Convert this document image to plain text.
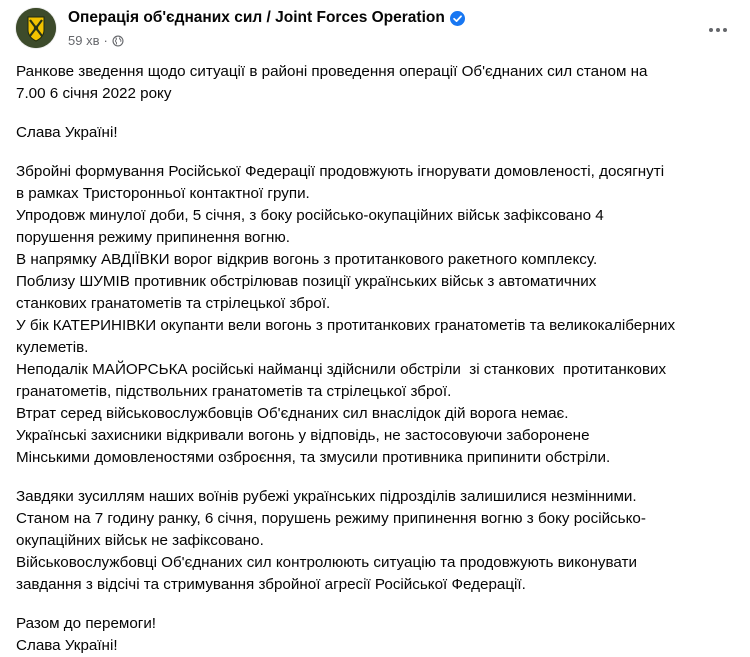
Операція об'єднаних сил / Joint Forces Operation
59 хв ·

Ранкове зведення щодо ситуації в районі проведення операції Об'єднаних сил станом на
7.00 6 січня 2022 року

Слава Україні!

Збройні формування Російської Федерації продовжують ігнорувати домовленості, досягнуті
в рамках Тристоронньої контактної групи.
Упродовж минулої доби, 5 січня, з боку російсько-окупаційних військ зафіксовано 4
порушення режиму припинення вогню.
В напрямку АВДІЇВКИ ворог відкрив вогонь з протитанкового ракетного комплексу.
Поблизу ШУМІВ противник обстрілював позиції українських військ з автоматичних
станкових гранатометів та стрілецької зброї.
У бік КАТЕРИНІВКИ окупанти вели вогонь з протитанкових гранатометів та великокаліберних
кулеметів.
Неподалік МАЙОРСЬКА російські найманці здійснили обстріли  зі станкових  протитанкових
гранатометів, підствольних гранатометів та стрілецької зброї.
Втрат серед військовослужбовців Об'єднаних сил внаслідок дій ворога немає.
Українські захисники відкривали вогонь у відповідь, не застосовуючи заборонене
Мінськими домовленостями озброєння, та змусили противника припинити обстріли.

Завдяки зусиллям наших воїнів рубежі українських підрозділів залишилися незмінними.
Станом на 7 годину ранку, 6 січня, порушень режиму припинення вогню з боку російсько-
окупаційних військ не зафіксовано.
Військовослужбовці Об'єднаних сил контролюють ситуацію та продовжують виконувати
завдання з відсічі та стримування збройної агресії Російської Федерації.

Разом до перемоги!
Слава Україні!
